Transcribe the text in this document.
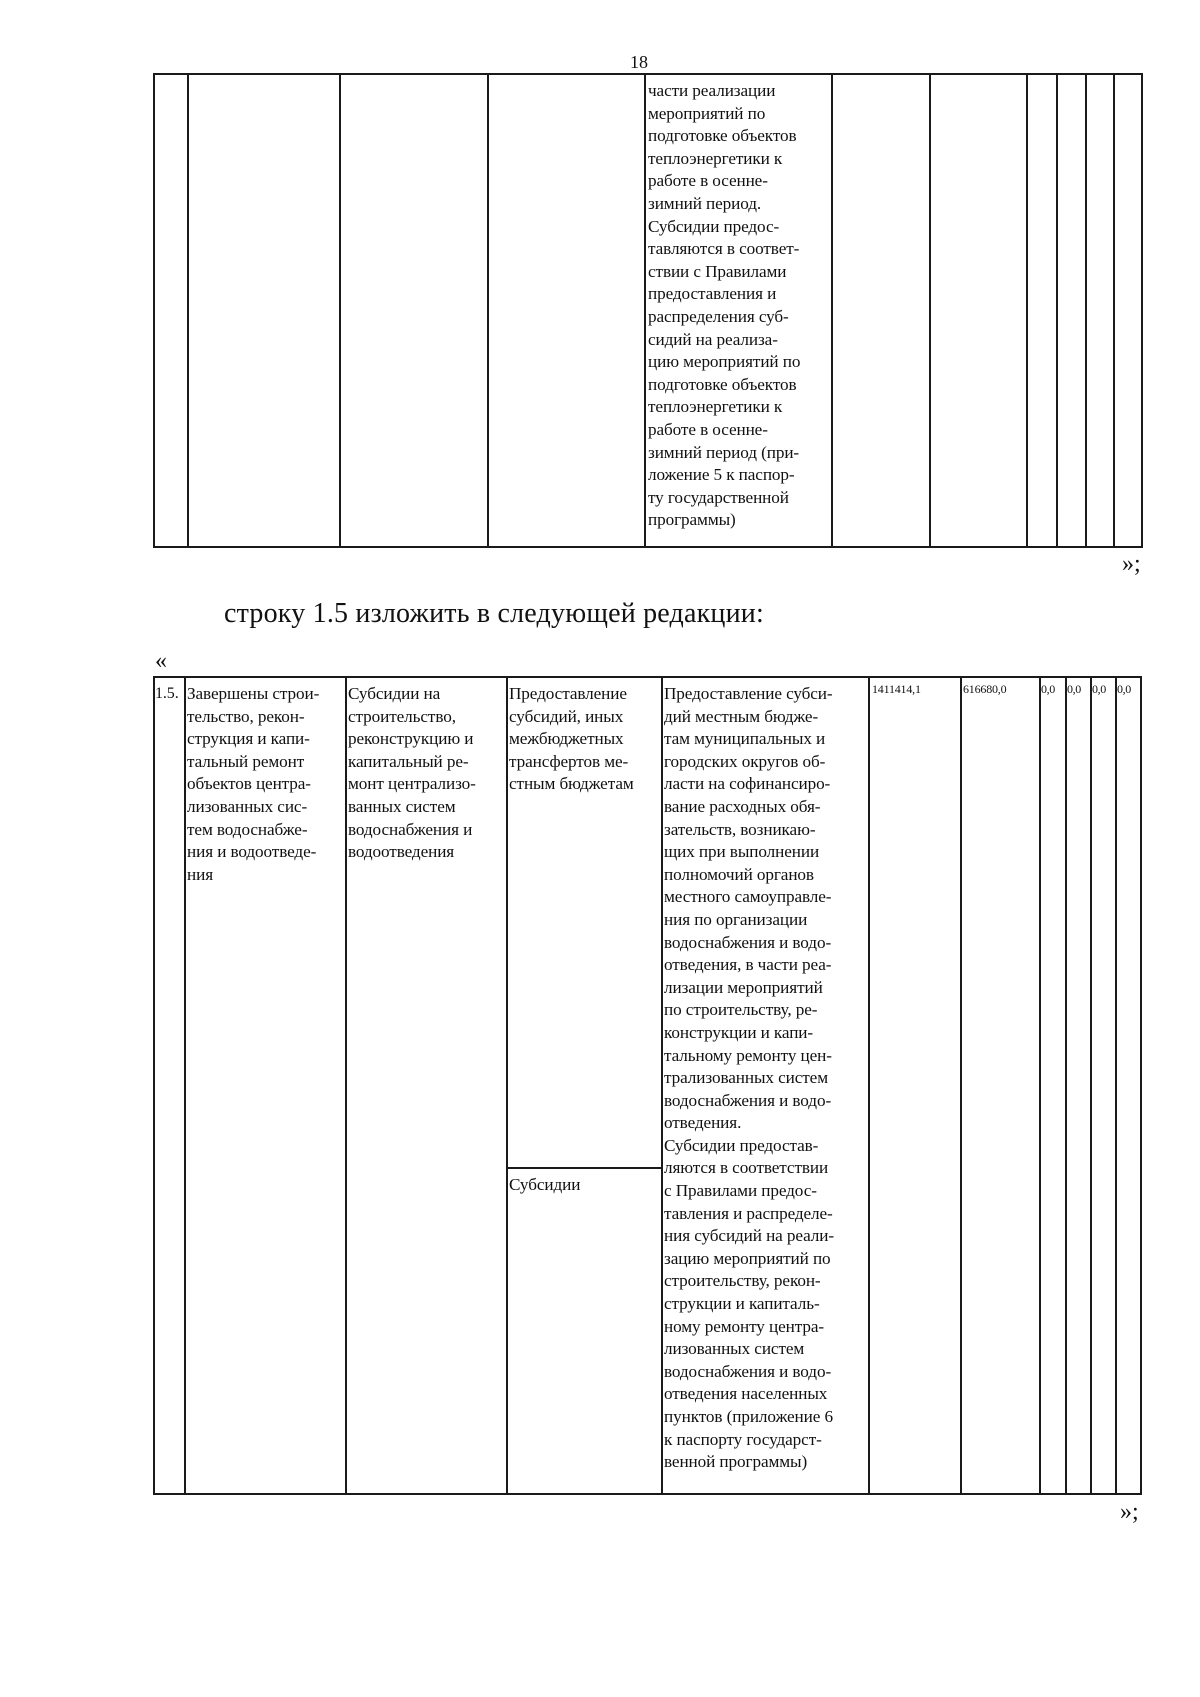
18
части реализации
мероприятий по
подготовке объектов
теплоэнергетики к
работе в осенне-
зимний период.
Субсидии предос-
тавляются в соответ-
ствии с Правилами
предоставления и
распределения суб-
сидий на реализа-
цию мероприятий по
подготовке объектов
теплоэнергетики к
работе в осенне-
зимний период (при-
ложение 5 к паспор-
ту государственной
программы)
»;
строку 1.5 изложить в следующей редакции:
«
1.5. Завершены строи-
тельство, рекон-
струкция и капи-
тальный ремонт
объектов центра-
лизованных сис-
тем водоснабже-
ния и водоотведе-
ния
Субсидии на
строительство,
реконструкцию и
капитальный ре-
монт централизо-
ванных систем
водоснабжения и
водоотведения
Предоставление
субсидий, иных
межбюджетных
трансфертов ме-
стным бюджетам
Субсидии
Предоставление субси-
дий местным бюдже-
там муниципальных и
городских округов об-
ласти на софинансиро-
вание расходных обя-
зательств, возникаю-
щих при выполнении
полномочий органов
местного самоуправле-
ния по организации
водоснабжения и водо-
отведения, в части реа-
лизации мероприятий
по строительству, ре-
конструкции и капи-
тальному ремонту цен-
трализованных систем
водоснабжения и водо-
отведения.
Субсидии предостав-
ляются в соответствии
с Правилами предос-
тавления и распределе-
ния субсидий на реали-
зацию мероприятий по
строительству, рекон-
струкции и капиталь-
ному ремонту центра-
лизованных систем
водоснабжения и водо-
отведения населенных
пунктов (приложение 6
к паспорту государст-
венной программы)
1411414,1	616680,0	0,0 0,0 0,0 0,0
»;
